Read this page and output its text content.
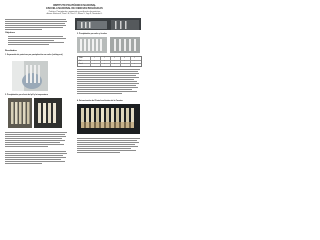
INSTITUTO POLITÉCNICO NACIONAL
ESCUELA NACIONAL DE CIENCIAS BIOLÓGICAS
Práctica: Precipitación, separación y purificación de proteínas
Autores: Martínez A., Pérez L.M., Ruiz J.C.; Gómez S., Vega R.; Hernández D.
Objetivos
Resultados
1. Separación de proteínas por precipitación con sales (salting-out)
3. Precipitación por efecto del pH y la temperatura
2. Precipitación por sales y fenoles
Tubo	1	2	3	4	5
Sal	+	+	-	+	-
Fenol	-	+	+	-	+
4. Determinación del Punto Isoeléctrico de la Caseína
